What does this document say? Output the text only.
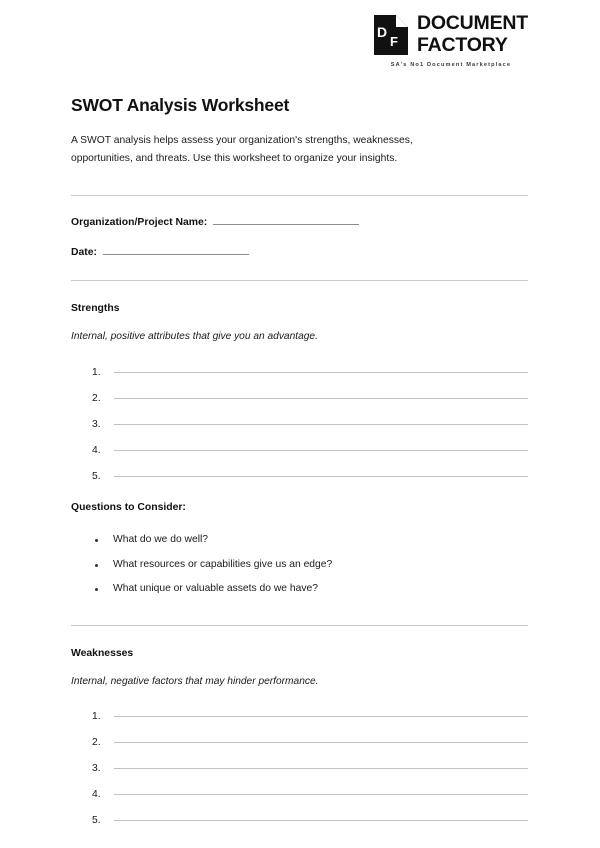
D
F
DOCUMENT
FACTORY
SA's No1 Document Marketplace
SWOT Analysis Worksheet

A SWOT analysis helps assess your organization's strengths, weaknesses, opportunities, and threats. Use this worksheet to organize your insights.

Organization/Project Name:
Date:
Strengths

Internal, positive attributes that give you an advantage.

1.
2.
3.
4.
5.
Questions to Consider:
What do we do well?
What resources or capabilities give us an edge?
What unique or valuable assets do we have?
Weaknesses

Internal, negative factors that may hinder performance.

1.
2.
3.
4.
5.
